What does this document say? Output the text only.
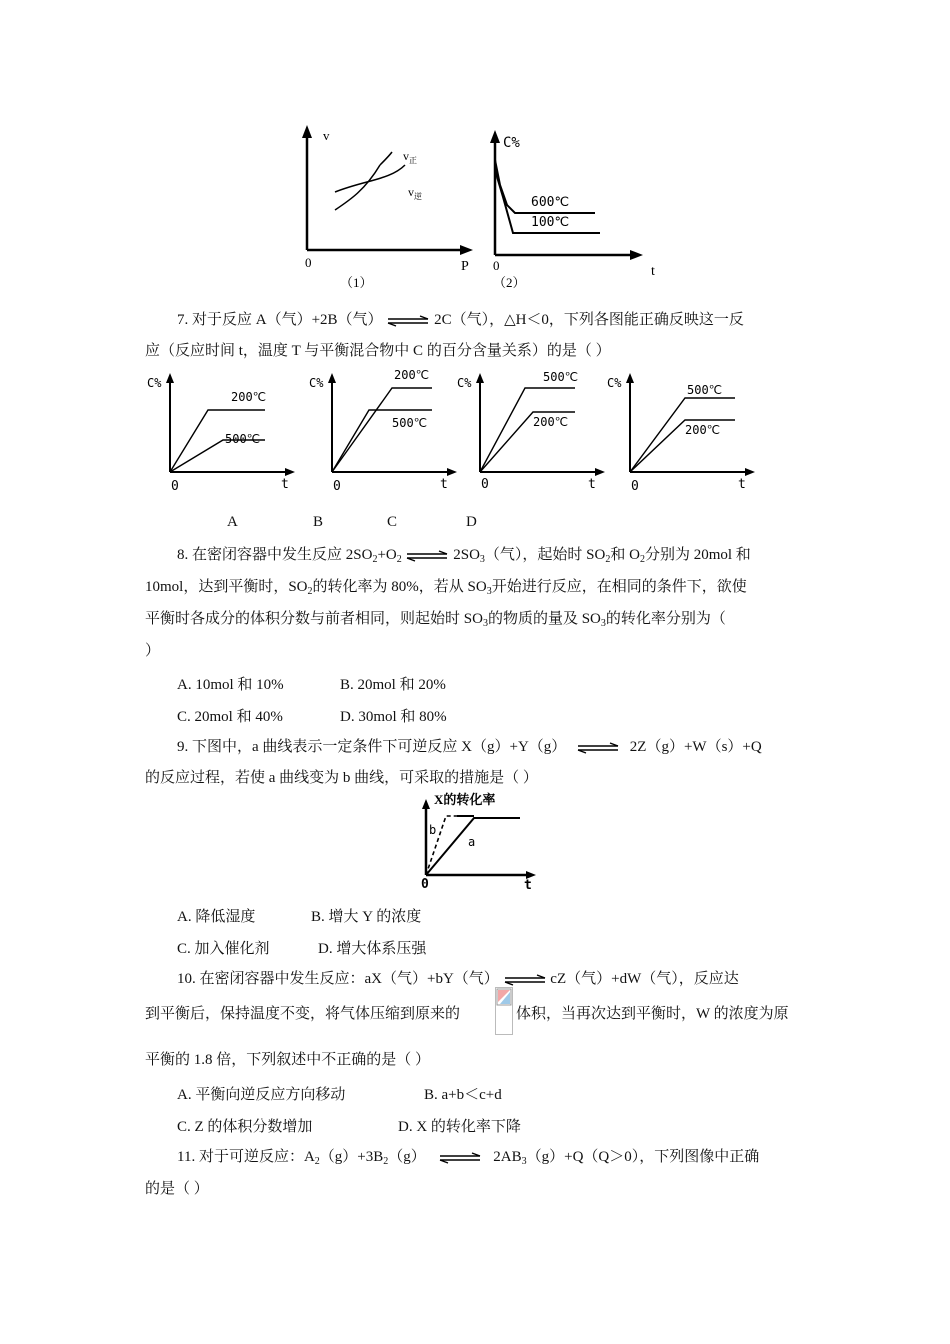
v
$v_正$
$v_逆$
0	P
（1）
C%
600℃
100℃
0	t
（2）
7. 对于反应 A（气）+2B（气） ⇌ 2C（气），△H＜0，下列各图能正确反映这一反
应（反应时间 t，温度 T 与平衡混合物中 C 的百分含量关系）的是（ ）
C%
200℃
500℃
0	t
C%
200℃
500℃
0	t
C%	500℃
200℃
0	t
C%	500℃
200℃
0	t
A	B	C	D
8. 在密闭容器中发生反应 $2SO_2+O_2$ ⇌ $2SO_3$（气），起始时 $SO_2$和 $O_2$分别为 20mol 和
10mol，达到平衡时，$SO_2$的转化率为 80%，若从 $SO_3$开始进行反应，在相同的条件下，欲使
平衡时各成分的体积分数与前者相同，则起始时 $SO_3$的物质的量及 $SO_3$的转化率分别为（
）
A. 10mol 和 10%	B. 20mol 和 20%
C. 20mol 和 40%	D. 30mol 和 80%
9. 下图中，a 曲线表示一定条件下可逆反应 X（g）+Y（g） ⇌ 2Z（g）+W（s）+Q
的反应过程，若使 a 曲线变为 b 曲线，可采取的措施是（ ）
X的转化率
b
a
0	t
A. 降低湿度	B. 增大 Y 的浓度
C. 加入催化剂	D. 增大体系压强
10. 在密闭容器中发生反应：aX（气）+bY（气） ⇌ cZ（气）+dW（气），反应达
到平衡后，保持温度不变，将气体压缩到原来的	体积，当再次达到平衡时，W 的浓度为原
平衡的 1.8 倍，下列叙述中不正确的是（ ）
A. 平衡向逆反应方向移动	B. a+b＜c+d
C. Z 的体积分数增加	D. X 的转化率下降
11. 对于可逆反应：$A_2(g)+3B_2(g)$ ⇌ $2AB_3(g)+Q(Q>0)$，下列图像中正确
的是（ ）
